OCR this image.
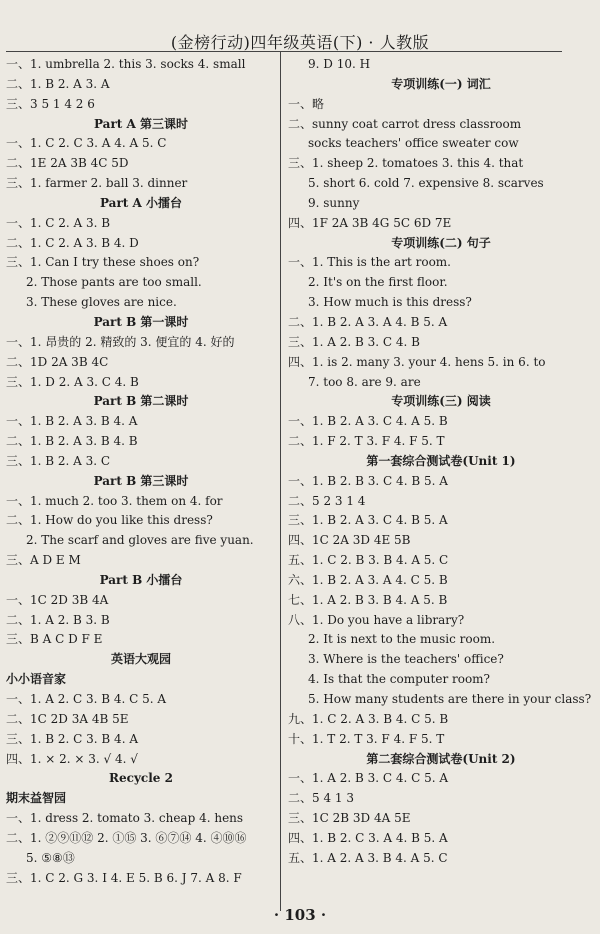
(金榜行动)四年级英语(下) · 人教版
一、1. umbrella 2. this 3. socks 4. small
二、1. B 2. A 3. A
三、3 5 1 4 2 6
Part A 第三课时
一、1. C 2. C 3. A 4. A 5. C
二、1E 2A 3B 4C 5D
三、1. farmer 2. ball 3. dinner
Part A 小擂台
一、1. C 2. A 3. B
二、1. C 2. A 3. B 4. D
三、1. Can I try these shoes on?
2. Those pants are too small.
3. These gloves are nice.
Part B 第一课时
一、1. 昂贵的 2. 精致的 3. 便宜的 4. 好的
二、1D 2A 3B 4C
三、1. D 2. A 3. C 4. B
Part B 第二课时
一、1. B 2. A 3. B 4. A
二、1. B 2. A 3. B 4. B
三、1. B 2. A 3. C
Part B 第三课时
一、1. much 2. too 3. them on 4. for
二、1. How do you like this dress?
2. The scarf and gloves are five yuan.
三、A D E M
Part B 小擂台
一、1C 2D 3B 4A
二、1. A 2. B 3. B
三、B A C D F E
英语大观园
小小语音家
一、1. A 2. C 3. B 4. C 5. A
二、1C 2D 3A 4B 5E
三、1. B 2. C 3. B 4. A
四、1. × 2. × 3. √ 4. √
Recycle 2
期末益智园
一、1. dress 2. tomato 3. cheap 4. hens
二、1. ②⑨⑪⑫ 2. ①⑮ 3. ⑥⑦⑭ 4. ④⑩⑯
5. ⑤⑧⑬
三、1. C 2. G 3. I 4. E 5. B 6. J 7. A 8. F
9. D 10. H
专项训练(一) 词汇
一、略
二、sunny coat carrot dress classroom
socks teachers' office sweater cow
三、1. sheep 2. tomatoes 3. this 4. that
5. short 6. cold 7. expensive 8. scarves
9. sunny
四、1F 2A 3B 4G 5C 6D 7E
专项训练(二) 句子
一、1. This is the art room.
2. It's on the first floor.
3. How much is this dress?
二、1. B 2. A 3. A 4. B 5. A
三、1. A 2. B 3. C 4. B
四、1. is 2. many 3. your 4. hens 5. in 6. to
7. too 8. are 9. are
专项训练(三) 阅读
一、1. B 2. A 3. C 4. A 5. B
二、1. F 2. T 3. F 4. F 5. T
第一套综合测试卷(Unit 1)
一、1. B 2. B 3. C 4. B 5. A
二、5 2 3 1 4
三、1. B 2. A 3. C 4. B 5. A
四、1C 2A 3D 4E 5B
五、1. C 2. B 3. B 4. A 5. C
六、1. B 2. A 3. A 4. C 5. B
七、1. A 2. B 3. B 4. A 5. B
八、1. Do you have a library?
2. It is next to the music room.
3. Where is the teachers' office?
4. Is that the computer room?
5. How many students are there in your class?
九、1. C 2. A 3. B 4. C 5. B
十、1. T 2. T 3. F 4. F 5. T
第二套综合测试卷(Unit 2)
一、1. A 2. B 3. C 4. C 5. A
二、5 4 1 3
三、1C 2B 3D 4A 5E
四、1. B 2. C 3. A 4. B 5. A
五、1. A 2. A 3. B 4. A 5. C
· 103 ·
